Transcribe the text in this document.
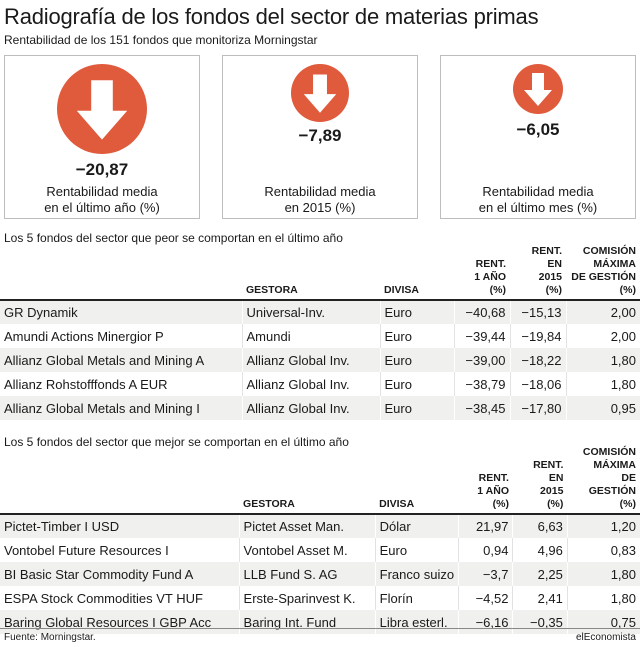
Radiografía de los fondos del sector de materias primas
Rentabilidad de los 151 fondos que monitoriza Morningstar
−20,87
Rentabilidad media
en el último año (%)
−7,89
Rentabilidad media
en 2015 (%)
−6,05
Rentabilidad media
en el último mes (%)
Los 5 fondos del sector que peor se comportan en el último año
	GESTORA	DIVISA	RENT.
1 AÑO
(%)	RENT.
EN
2015
(%)	COMISIÓN
MÁXIMA
DE GESTIÓN
(%)
GR Dynamik	Universal-Inv.	Euro	−40,68	−15,13	2,00
Amundi Actions Minergior P	Amundi	Euro	−39,44	−19,84	2,00
Allianz Global Metals and Mining A	Allianz Global Inv.	Euro	−39,00	−18,22	1,80
Allianz Rohstofffonds A EUR	Allianz Global Inv.	Euro	−38,79	−18,06	1,80
Allianz Global Metals and Mining I	Allianz Global Inv.	Euro	−38,45	−17,80	0,95
Los 5 fondos del sector que mejor se comportan en el último año
	GESTORA	DIVISA	RENT.
1 AÑO
(%)	RENT.
EN
2015
(%)	COMISIÓN
MÁXIMA
DE GESTIÓN
(%)
Pictet-Timber I USD	Pictet Asset Man.	Dólar	21,97	6,63	1,20
Vontobel Future Resources I	Vontobel Asset M.	Euro	0,94	4,96	0,83
BI Basic Star Commodity Fund A	LLB Fund S. AG	Franco suizo	−3,7	2,25	1,80
ESPA Stock Commodities VT HUF	Erste-Sparinvest K.	Florín	−4,52	2,41	1,80
Baring Global Resources I GBP Acc	Baring Int. Fund	Libra esterl.	−6,16	−0,35	0,75
Fuente: Morningstar.	elEconomista
